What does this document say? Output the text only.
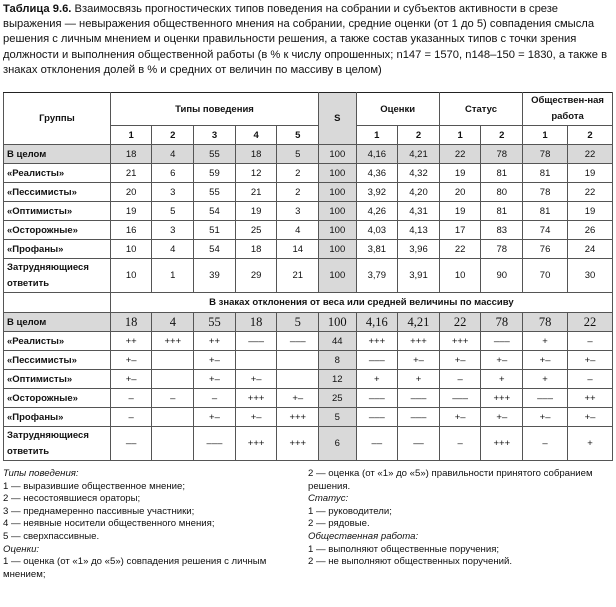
Таблица 9.6. Взаимосвязь прогностических типов поведения на собрании и субъектов активности в срезе выражения — невыражения общественного мнения на собрании, средние оценки (от 1 до 5) совпадения смысла решения с личным мнением и оценки правильности решения, а также состав указанных типов с точки зрения должности и выполнения общественной работы (в % к числу опрошенных; n147 = 1570, n148–150 = 1830, а также в знаках отклонения долей в % и средних от величин по массиву в целом)
Группы	Типы поведения					S	Оценки		Статус		Обществен-ная работа	
	1	2	3	4	5		1	2	1	2	1	2
В целом	18	4	55	18	5	100	4,16	4,21	22	78	78	22
«Реалисты»	21	6	59	12	2	100	4,36	4,32	19	81	81	19
«Пессимисты»	20	3	55	21	2	100	3,92	4,20	20	80	78	22
«Оптимисты»	19	5	54	19	3	100	4,26	4,31	19	81	81	19
«Осторожные»	16	3	51	25	4	100	4,03	4,13	17	83	74	26
«Профаны»	10	4	54	18	14	100	3,81	3,96	22	78	76	24
Затрудняющиеся ответить	10	1	39	29	21	100	3,79	3,91	10	90	70	30
	В знаках отклонения от веса или средней величины по массиву											
В целом	18	4	55	18	5	100	4,16	4,21	22	78	78	22
«Реалисты»	++	+++	++	–––	–––	44	+++	+++	+++	–––	+	–
«Пессимисты»	+–		+–			8	–––	+–	+–	+–	+–	+–
«Оптимисты»	+–		+–	+–		12	+	+	–	+	+	–
«Осторожные»	–	–	–	+++	+–	25	–––	–––	–––	+++	–––	++
«Профаны»	–		+–	+–	+++	5	–––	–––	+–	+–	+–	+–
Затрудняющиеся ответить	––		–––	+++	+++	6	––	––	–	+++	–	+
Типы поведения:
1 — выразившие общественное мнение;
2 — несостоявшиеся ораторы;
3 — преднамеренно пассивные участники;
4 — неявные носители общественного мнения;
5 — сверхпассивные.
Оценки:
1 — оценка (от «1» до «5») совпадения решения с личным мнением;
2 — оценка (от «1» до «5») правильности принятого собранием решения.
Статус:
1 — руководители;
2 — рядовые.
Общественная работа:
1 — выполняют общественные поручения;
2 — не выполняют общественных поручений.
